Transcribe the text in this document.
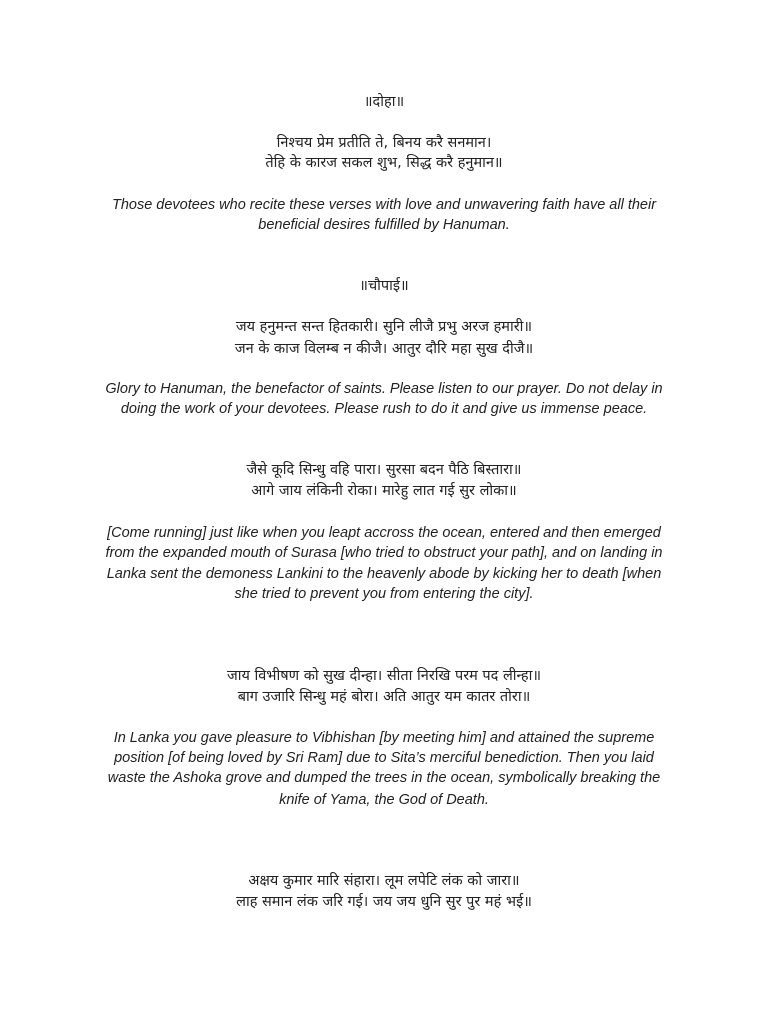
॥दोहा॥
निश्चय प्रेम प्रतीति ते, बिनय करै सनमान।
तेहि के कारज सकल शुभ, सिद्ध करै हनुमान॥
Those devotees who recite these verses with love and unwavering faith have all their
beneficial desires fulfilled by Hanuman.
॥चौपाई॥
जय हनुमन्त सन्त हितकारी। सुनि लीजै प्रभु अरज हमारी॥
जन के काज विलम्ब न कीजै। आतुर दौरि महा सुख दीजै॥
Glory to Hanuman, the benefactor of saints. Please listen to our prayer. Do not delay in
doing the work of your devotees. Please rush to do it and give us immense peace.
जैसे कूदि सिन्धु वहि पारा। सुरसा बदन पैठि बिस्तारा॥
आगे जाय लंकिनी रोका। मारेहु लात गई सुर लोका॥
[Come running] just like when you leapt accross the ocean, entered and then emerged
from the expanded mouth of Surasa [who tried to obstruct your path], and on landing in
Lanka sent the demoness Lankini to the heavenly abode by kicking her to death [when
she tried to prevent you from entering the city].
जाय विभीषण को सुख दीन्हा। सीता निरखि परम पद लीन्हा॥
बाग उजारि सिन्धु महं बोरा। अति आतुर यम कातर तोरा॥
In Lanka you gave pleasure to Vibhishan [by meeting him] and attained the supreme
position [of being loved by Sri Ram] due to Sita’s merciful benediction. Then you laid
waste the Ashoka grove and dumped the trees in the ocean, symbolically breaking the
knife of Yama, the God of Death.
अक्षय कुमार मारि संहारा। लूम लपेटि लंक को जारा॥
लाह समान लंक जरि गई। जय जय धुनि सुर पुर महं भई॥
